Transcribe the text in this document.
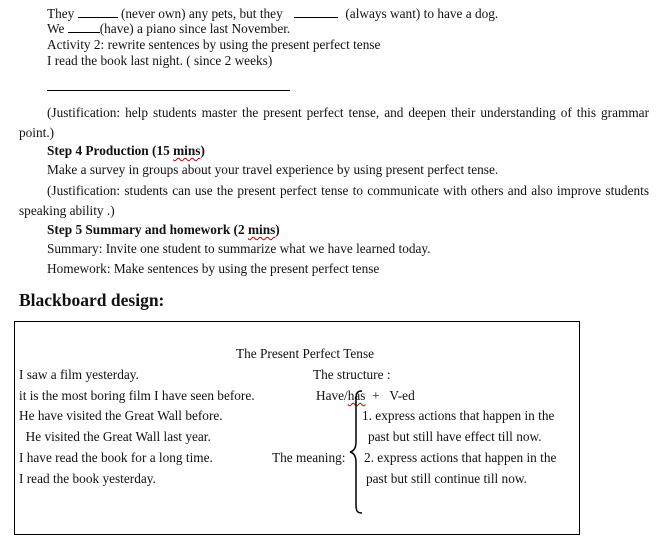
They	(never own) any pets, but they	(always want) to have a dog.
We	(have) a piano since last November.
Activity 2: rewrite sentences by using the present perfect tense
I read the book last night. ( since 2 weeks)
(Justification: help students master the present perfect tense, and deepen their understanding of this grammar point.)
Step 4 Production (15 mins)
Make a survey in groups about your travel experience by using present perfect tense.
(Justification: students can use the present perfect tense to communicate with others and also improve students speaking ability .)
Step 5 Summary and homework (2 mins)
Summary: Invite one student to summarize what we have learned today.
Homework: Make sentences by using the present perfect tense
Blackboard design:
The Present Perfect Tense
I saw a film yesterday.
it is the most boring film I have seen before.
He have visited the Great Wall before.
He visited the Great Wall last year.
I have read the book for a long time.
I read the book yesterday.
The structure :
Have/has  +   V-ed
The meaning:
1. express actions that happen in the
past but still have effect till now.
2. express actions that happen in the
past but still continue till now.
